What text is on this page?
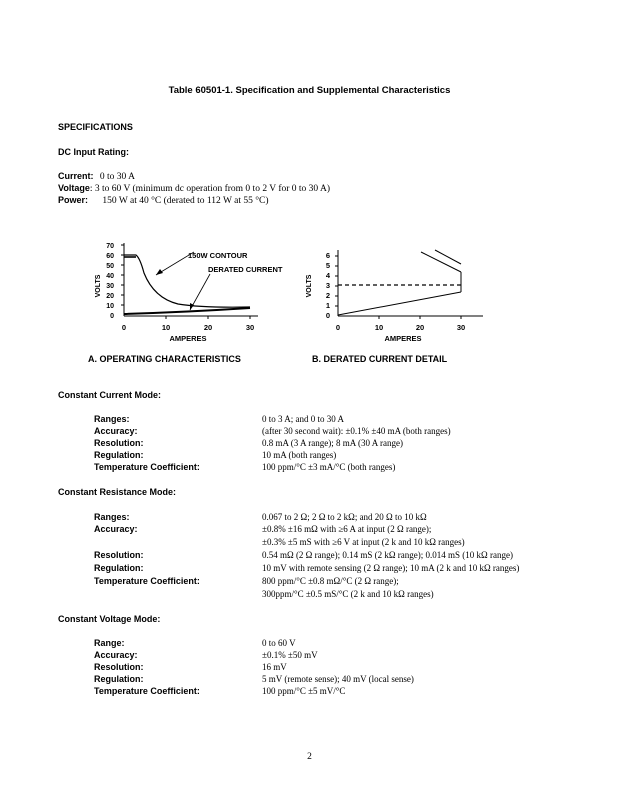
Table 60501-1. Specification and Supplemental Characteristics
SPECIFICATIONS
DC Input Rating:
Current: 0 to 30 A
Voltage: 3 to 60 V (minimum dc operation from 0 to 2 V for 0 to 30 A)
Power: 150 W at 40 °C (derated to 112 W at 55 °C)
VOLTS
70
60
50
40
30
20
10
0
150W CONTOUR
DERATED CURRENT
0	10	20	30
AMPERES
VOLTS
6
5
4
3
2
1
0
0	10	20	30
AMPERES
A. OPERATING CHARACTERISTICS	B. DERATED CURRENT DETAIL
Constant Current Mode:
Ranges:	0 to 3 A; and 0 to 30 A
Accuracy:	(after 30 second wait): ±0.1% ±40 mA (both ranges)
Resolution:	0.8 mA (3 A range); 8 mA (30 A range)
Regulation:	10 mA (both ranges)
Temperature Coefficient:	100 ppm/°C ±3 mA/°C (both ranges)
Constant Resistance Mode:
Ranges:	0.067 to 2 Ω; 2 Ω to 2 kΩ; and 20 Ω to 10 kΩ
Accuracy:	±0.8% ±16 mΩ with ≥6 A at input (2 Ω range);
±0.3% ±5 mS with ≥6 V at input (2 k and 10 kΩ ranges)
Resolution:	0.54 mΩ (2 Ω range); 0.14 mS (2 kΩ range); 0.014 mS (10 kΩ range)
Regulation:	10 mV with remote sensing (2 Ω range); 10 mA (2 k and 10 kΩ ranges)
Temperature Coefficient:	800 ppm/°C ±0.8 mΩ/°C (2 Ω range);
300ppm/°C ±0.5 mS/°C (2 k and 10 kΩ ranges)
Constant Voltage Mode:
Range:	0 to 60 V
Accuracy:	±0.1% ±50 mV
Resolution:	16 mV
Regulation:	5 mV (remote sense); 40 mV (local sense)
Temperature Coefficient:	100 ppm/°C ±5 mV/°C
2
